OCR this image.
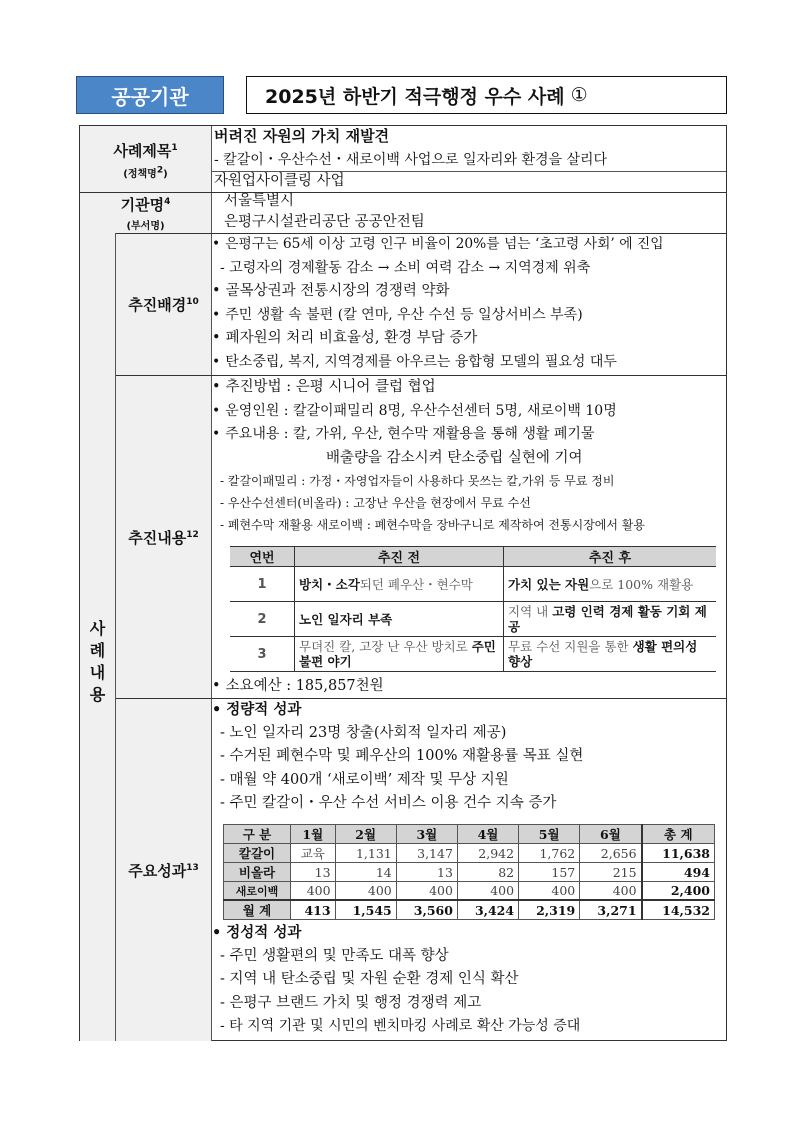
공공기관	2025년 하반기 적극행정 우수 사례 ①
사례제목$^1$
(정책명$^2$)
버려진 자원의 가치 재발견
- 칼갈이・우산수선・새로이백 사업으로 일자리와 환경을 살리다
자원업사이클링 사업
기관명$^4$
(부서명)
서울특별시
은평구시설관리공단 공공안전팀
사
례
내
용
추진배경$^{10}$
• 은평구는 65세 이상 고령 인구 비율이 20%를 넘는 ‘초고령 사회’ 에 진입
- 고령자의 경제활동 감소 → 소비 여력 감소 → 지역경제 위축
• 골목상권과 전통시장의 경쟁력 약화
• 주민 생활 속 불편 (칼 연마, 우산 수선 등 일상서비스 부족)
• 폐자원의 처리 비효율성, 환경 부담 증가
• 탄소중립, 복지, 지역경제를 아우르는 융합형 모델의 필요성 대두
추진내용$^{12}$
• 추진방법 : 은평 시니어 클럽 협업
• 운영인원 : 칼갈이패밀리 8명, 우산수선센터 5명, 새로이백 10명
• 주요내용 : 칼, 가위, 우산, 현수막 재활용을 통해 생활 폐기물
배출량을 감소시켜 탄소중립 실현에 기여
- 칼갈이패밀리 : 가정・자영업자들이 사용하다 못쓰는 칼,가위 등 무료 정비
- 우산수선센터(비올라) : 고장난 우산을 현장에서 무료 수선
- 폐현수막 재활용 새로이백 : 폐현수막을 장바구니로 제작하여 전통시장에서 활용
연번	추진 전	추진 후
1	방치・소각되던 폐우산・현수막	가치 있는 자원으로 100% 재활용
2	노인 일자리 부족	지역 내 고령 인력 경제 활동 기회 제공
3	무뎌진 칼, 고장 난 우산 방치로 주민 불편 야기	무료 수선 지원을 통한 생활 편의성 향상
• 소요예산 : 185,857천원
주요성과$^{13}$
• 정량적 성과
- 노인 일자리 23명 창출(사회적 일자리 제공)
- 수거된 폐현수막 및 폐우산의 100% 재활용률 목표 실현
- 매월 약 400개 ‘새로이백’ 제작 및 무상 지원
- 주민 칼갈이・우산 수선 서비스 이용 건수 지속 증가
구 분	1월	2월	3월	4월	5월	6월	총 계
칼갈이	교육	1,131	3,147	2,942	1,762	2,656	11,638
비올라	13	14	13	82	157	215	494
새로이백	400	400	400	400	400	400	2,400
월 계	413	1,545	3,560	3,424	2,319	3,271	14,532
• 정성적 성과
- 주민 생활편의 및 만족도 대폭 향상
- 지역 내 탄소중립 및 자원 순환 경제 인식 확산
- 은평구 브랜드 가치 및 행정 경쟁력 제고
- 타 지역 기관 및 시민의 벤치마킹 사례로 확산 가능성 증대
